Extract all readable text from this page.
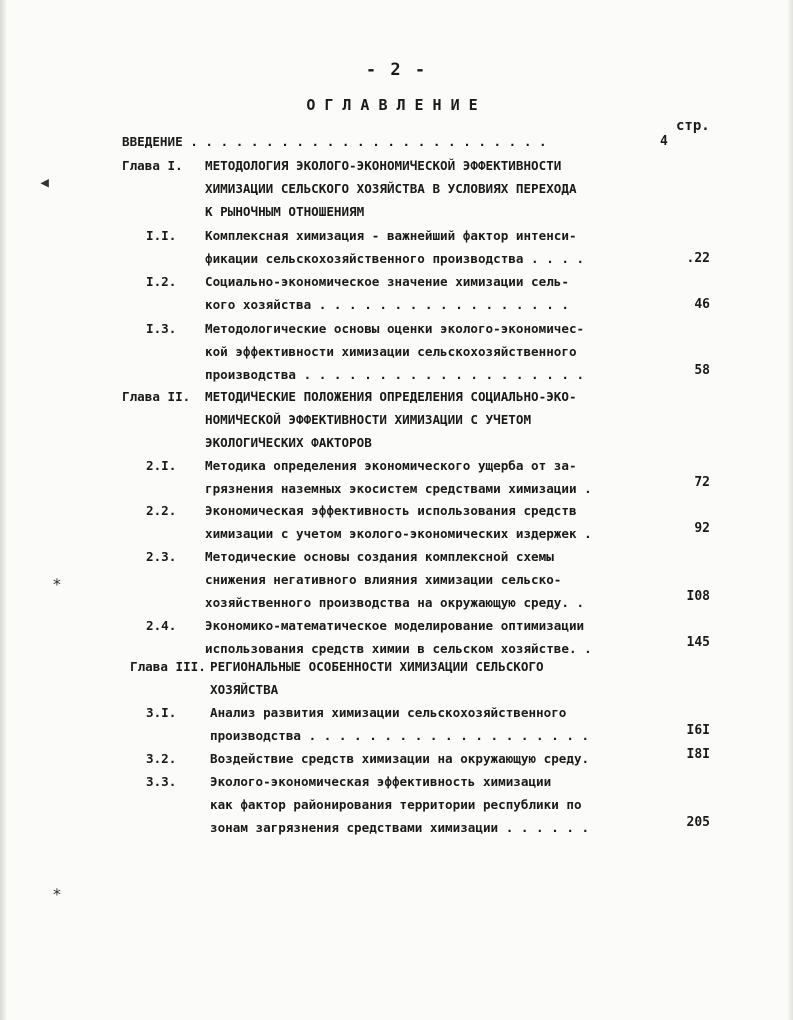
◂
∗
∗
- 2 -
ОГЛАВЛЕНИЕ
стр.
ВВЕДЕНИЕ . . . . . . . . . . . . . . . . . . . . . . . .	4
Глава I. МЕТОДОЛОГИЯ ЭКОЛОГО-ЭКОНОМИЧЕСКОЙ ЭФФЕКТИВНОСТИ
ХИМИЗАЦИИ СЕЛЬСКОГО ХОЗЯЙСТВА В УСЛОВИЯХ ПЕРЕХОДА
К РЫНОЧНЫМ ОТНОШЕНИЯМ
I.I. Комплексная химизация - важнейший фактор интенси-
фикации сельскохозяйственного производства . . . .	.22
I.2. Социально-экономическое значение химизации сель-
кого хозяйства . . . . . . . . . . . . . . . . .	46
I.3. Методологические основы оценки эколого-экономичес-
кой эффективности химизации сельскохозяйственного
производства . . . . . . . . . . . . . . . . . . .	58
Глава II. МЕТОДИЧЕСКИЕ ПОЛОЖЕНИЯ ОПРЕДЕЛЕНИЯ СОЦИАЛЬНО-ЭКО-
НОМИЧЕСКОЙ ЭФФЕКТИВНОСТИ ХИМИЗАЦИИ С УЧЕТОМ
ЭКОЛОГИЧЕСКИХ ФАКТОРОВ
2.I. Методика определения экономического ущерба от за-
грязнения наземных экосистем средствами химизации .	72
2.2. Экономическая эффективность использования средств
химизации с учетом эколого-экономических издержек .	92
2.3. Методические основы создания комплексной схемы
снижения негативного влияния химизации сельско-
хозяйственного производства на окружающую среду. .	I08
2.4. Экономико-математическое моделирование оптимизации
использования средств химии в сельском хозяйстве. .	145
Глава III. РЕГИОНАЛЬНЫЕ ОСОБЕННОСТИ ХИМИЗАЦИИ СЕЛЬСКОГО
ХОЗЯЙСТВА
3.I.	Анализ развития химизации сельскохозяйственного
производства . . . . . . . . . . . . . . . . . . .	I6I
3.2.	Воздействие средств химизации на окружающую среду.	I8I
3.3.	Эколого-экономическая эффективность химизации
как фактор районирования территории республики по
зонам загрязнения средствами химизации . . . . . .	205
